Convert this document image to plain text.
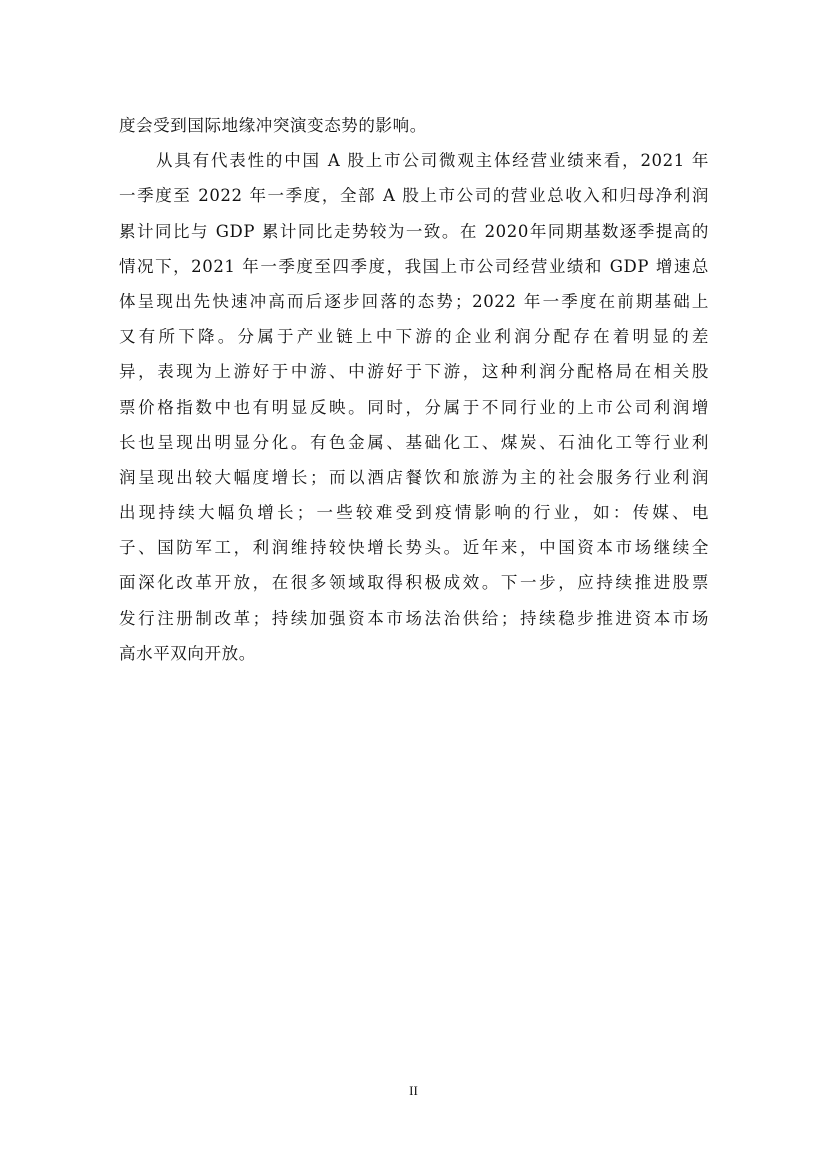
度会受到国际地缘冲突演变态势的影响。
从具有代表性的中国 A 股上市公司微观主体经营业绩来看，2021 年
一季度至 2022 年一季度，全部 A 股上市公司的营业总收入和归母净利润
累计同比与 GDP 累计同比走势较为一致。在 2020年同期基数逐季提高的
情况下，2021 年一季度至四季度，我国上市公司经营业绩和 GDP 增速总
体呈现出先快速冲高而后逐步回落的态势；2022 年一季度在前期基础上
又有所下降。分属于产业链上中下游的企业利润分配存在着明显的差
异，表现为上游好于中游、中游好于下游，这种利润分配格局在相关股
票价格指数中也有明显反映。同时，分属于不同行业的上市公司利润增
长也呈现出明显分化。有色金属、基础化工、煤炭、石油化工等行业利
润呈现出较大幅度增长；而以酒店餐饮和旅游为主的社会服务行业利润
出现持续大幅负增长；一些较难受到疫情影响的行业，如：传媒、电
子、国防军工，利润维持较快增长势头。近年来，中国资本市场继续全
面深化改革开放，在很多领域取得积极成效。下一步，应持续推进股票
发行注册制改革；持续加强资本市场法治供给；持续稳步推进资本市场
高水平双向开放。
II
